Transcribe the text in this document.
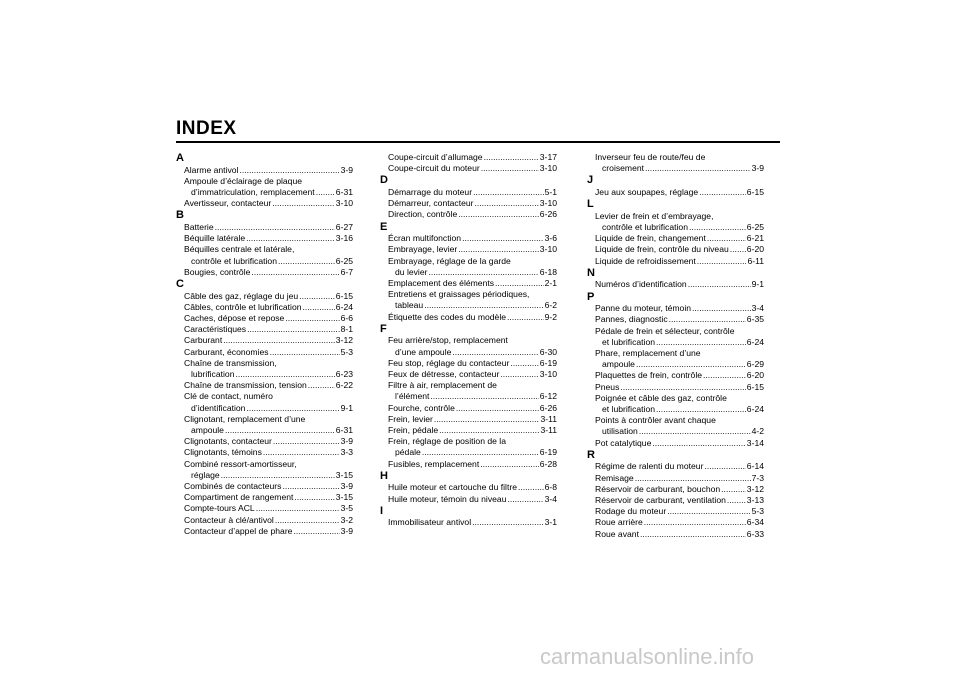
INDEX
A
Alarme antivol .....	3-9
Ampoule d’éclairage de plaque
d’immatriculation, remplacement ..... 6-31
Avertisseur, contacteur .....	3-10
B
Batterie .....	6-27
Béquille latérale .....	3-16
Béquilles centrale et latérale,
contrôle et lubrification .....	6-25
Bougies, contrôle .....	6-7
C
Câble des gaz, réglage du jeu .....	6-15
Câbles, contrôle et lubrification .....	6-24
Caches, dépose et repose .....	6-6
Caractéristiques .....	8-1
Carburant .....	3-12
Carburant, économies .....	5-3
Chaîne de transmission,
lubrification .....	6-23
Chaîne de transmission, tension .....	6-22
Clé de contact, numéro
d’identification .....	9-1
Clignotant, remplacement d’une
ampoule .....	6-31
Clignotants, contacteur .....	3-9
Clignotants, témoins .....	3-3
Combiné ressort-amortisseur,
réglage .....	3-15
Combinés de contacteurs .....	3-9
Compartiment de rangement .....	3-15
Compte-tours ACL .....	3-5
Contacteur à clé/antivol .....	3-2
Contacteur d’appel de phare .....	3-9
Coupe-circuit d’allumage .....	3-17
Coupe-circuit du moteur .....	3-10
D
Démarrage du moteur .....	5-1
Démarreur, contacteur .....	3-10
Direction, contrôle .....	6-26
E
Écran multifonction .....	3-6
Embrayage, levier .....	3-10
Embrayage, réglage de la garde
du levier .....	6-18
Emplacement des éléments .....	2-1
Entretiens et graissages périodiques,
tableau .....	6-2
Étiquette des codes du modèle .....	9-2
F
Feu arrière/stop, remplacement
d’une ampoule .....	6-30
Feu stop, réglage du contacteur .....	6-19
Feux de détresse, contacteur .....	3-10
Filtre à air, remplacement de
l’élément .....	6-12
Fourche, contrôle .....	6-26
Frein, levier .....	3-11
Frein, pédale .....	3-11
Frein, réglage de position de la
pédale .....	6-19
Fusibles, remplacement .....	6-28
H
Huile moteur et cartouche du filtre .....	6-8
Huile moteur, témoin du niveau .....	3-4
I
Immobilisateur antivol .....	3-1
Inverseur feu de route/feu de
croisement .....	3-9
J
Jeu aux soupapes, réglage .....	6-15
L
Levier de frein et d’embrayage,
contrôle et lubrification .....	6-25
Liquide de frein, changement .....	6-21
Liquide de frein, contrôle du niveau ..... 6-20
Liquide de refroidissement .....	6-11
N
Numéros d’identification .....	9-1
P
Panne du moteur, témoin .....	3-4
Pannes, diagnostic .....	6-35
Pédale de frein et sélecteur, contrôle
et lubrification .....	6-24
Phare, remplacement d’une
ampoule .....	6-29
Plaquettes de frein, contrôle .....	6-20
Pneus .....	6-15
Poignée et câble des gaz, contrôle
et lubrification .....	6-24
Points à contrôler avant chaque
utilisation .....	4-2
Pot catalytique .....	3-14
R
Régime de ralenti du moteur .....	6-14
Remisage .....	7-3
Réservoir de carburant, bouchon .....	3-12
Réservoir de carburant, ventilation ..... 3-13
Rodage du moteur .....	5-3
Roue arrière .....	6-34
Roue avant .....	6-33
carmanualsonline.info
